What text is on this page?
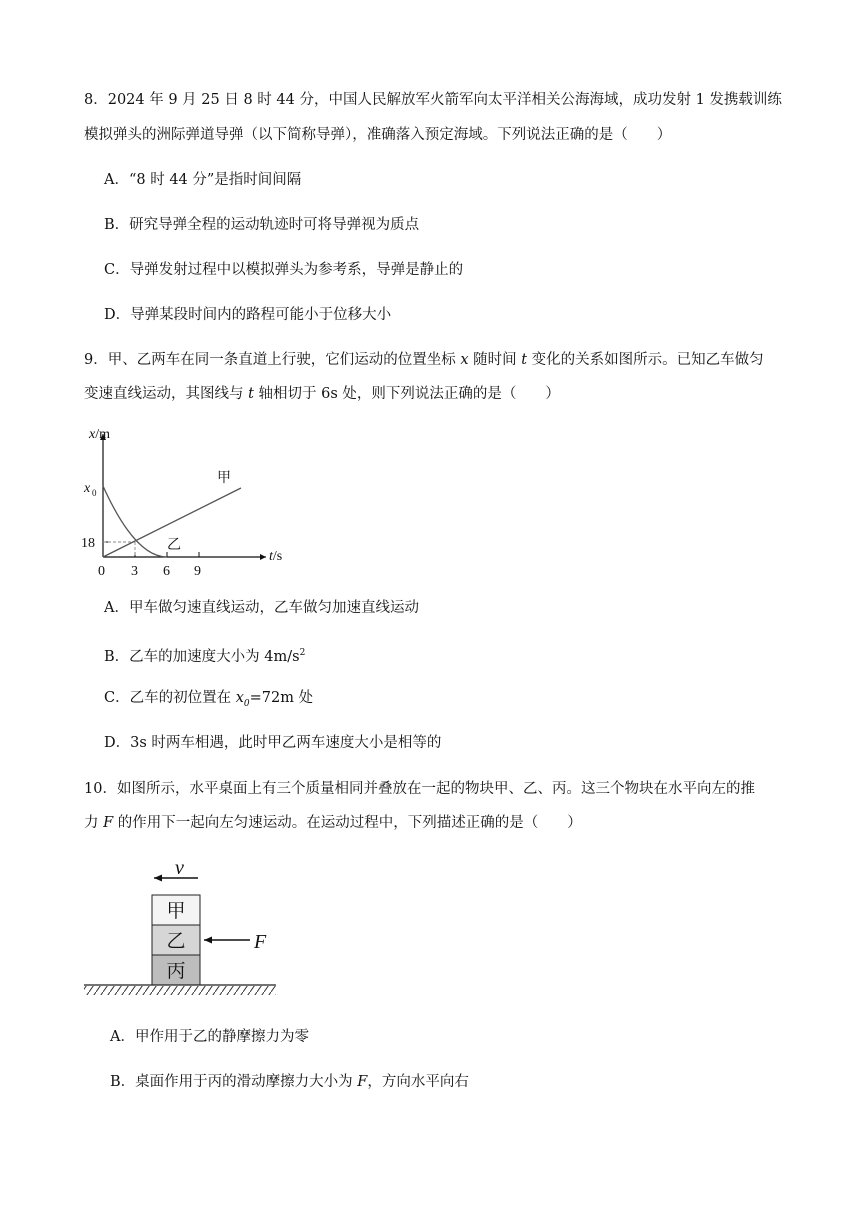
8．2024 年 9 月 25 日 8 时 44 分，中国人民解放军火箭军向太平洋相关公海海域，成功发射 1 发携载训练
模拟弹头的洲际弹道导弹（以下简称导弹），准确落入预定海域。下列说法正确的是（　　）
A．“8 时 44 分”是指时间间隔
B．研究导弹全程的运动轨迹时可将导弹视为质点
C．导弹发射过程中以模拟弹头为参考系，导弹是静止的
D．导弹某段时间内的路程可能小于位移大小
9．甲、乙两车在同一条直道上行驶，它们运动的位置坐标 x 随时间 t 变化的关系如图所示。已知乙车做匀
变速直线运动，其图线与 t 轴相切于 6s 处，则下列说法正确的是（　　）
x/m
x 0
18
0 3 6 9
t/s
甲
乙
A．甲车做匀速直线运动，乙车做匀加速直线运动
B．乙车的加速度大小为 $4m/s^2$
C．乙车的初位置在 $x_0=72m$ 处
D．3s 时两车相遇，此时甲乙两车速度大小是相等的
10．如图所示，水平桌面上有三个质量相同并叠放在一起的物块甲、乙、丙。这三个物块在水平向左的推
力 F 的作用下一起向左匀速运动。在运动过程中，下列描述正确的是（　　）
v
甲
乙
丙
F
A．甲作用于乙的静摩擦力为零
B．桌面作用于丙的滑动摩擦力大小为 F，方向水平向右
